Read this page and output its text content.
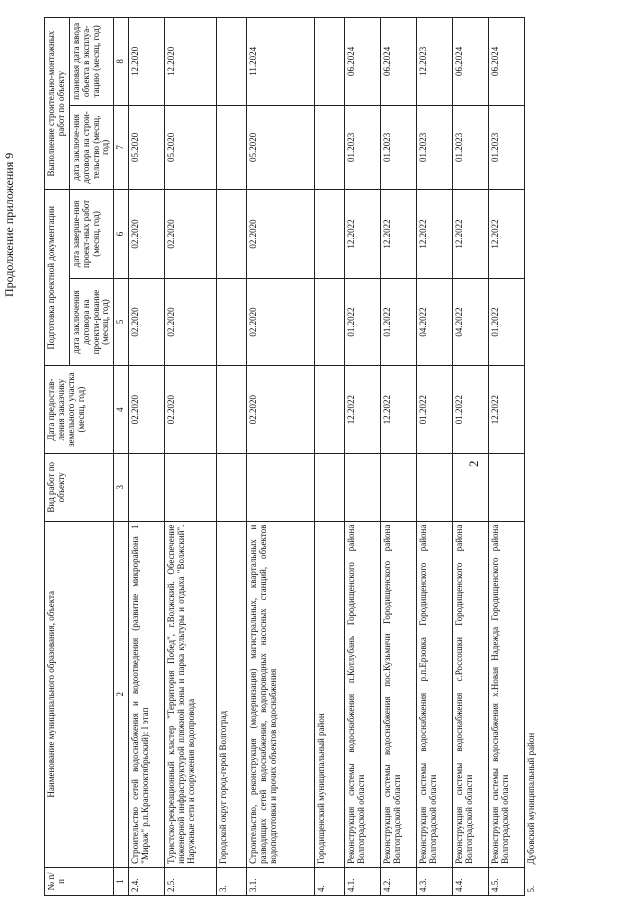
2
Продолжение приложения 9
№ п/п	Наименование муниципального образования, объекта	Вид работ по объекту	Дата предостав-ления заказчику земельного участка (месяц, год)	Подготовка проектной документации		Выполнение строительно-монтажных работ по объекту	
				дата заключения договора на проекти-рование (месяц, год)	дата заверше-ния проект-ных работ (месяц, год)	дата заключе-ния договора на строи-тельство (месяц, год)	плановая дата ввода объекта в эксплуа-тацию (месяц, год)
1	2	3	4	5	6	7	8
2.4.	Строительство сетей водоснабжения и водоотведения (развитие микрорайона 1 "Мираж" р.п.Краснооктябрьский): I этап		02.2020	02.2020	02.2020	05.2020	12.2020
2.5.	Туристско-рекреационный кластер "Территория Побед", г.Волжский. Обеспечение инженерной инфраструктурой пляжной зоны и парка культуры и отдыха "Волжский". Наружные сети и сооружения водопровода		02.2020	02.2020	02.2020	05.2020	12.2020
3.	Городской округ город-герой Волгоград						
3.1.	Строительство, реконструкция (модернизация) магистральных, квартальных и разводящих сетей водоснабжения, водопроводных насосных станций, объектов водоподготовки и прочих объектов водоснабжения		02.2020	02.2020	02.2020	05.2020	11.2024
4.	Городищенский муниципальный район						
4.1.	Реконструкция системы водоснабжения п.Котлубань Городищенского района Волгоградской области		12.2022	01.2022	12.2022	01.2023	06.2024
4.2.	Реконструкция системы водоснабжения пос.Кузьмичи Городищенского района Волгоградской области		12.2022	01.2022	12.2022	01.2023	06.2024
4.3.	Реконструкция системы водоснабжения р.п.Ерзовка Городищенского района Волгоградской области		01.2022	04.2022	12.2022	01.2023	12.2023
4.4.	Реконструкция системы водоснабжения с.Россошки Городищенского района Волгоградской области		01.2022	04.2022	12.2022	01.2023	06.2024
4.5.	Реконструкция системы водоснабжения х.Новая Надежда Городищенского района Волгоградской области		12.2022	01.2022	12.2022	01.2023	06.2024
5.	Дубовский муниципальный район						
